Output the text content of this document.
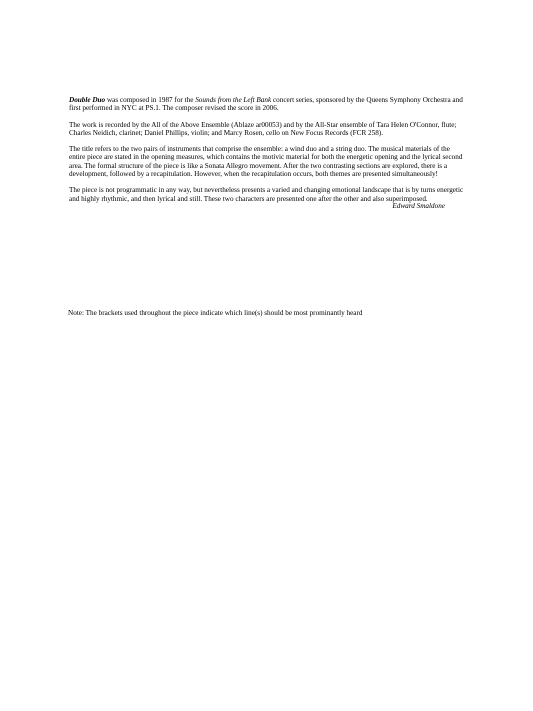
Double Duo was composed in 1987 for the Sounds from the Left Bank concert series, sponsored by the Queens Symphony Orchestra and first performed in NYC at PS.1. The composer revised the score in 2006.

The work is recorded by the All of the Above Ensemble (Ablaze ar00053) and by the All-Star ensemble of Tara Helen O'Connor, flute; Charles Neidich, clarinet; Daniel Phillips, violin; and Marcy Rosen, cello on New Focus Records (FCR 258).

The title refers to the two pairs of instruments that comprise the ensemble: a wind duo and a string duo. The musical materials of the entire piece are stated in the opening measures, which contains the motivic material for both the energetic opening and the lyrical second area. The formal structure of the piece is like a Sonata Allegro movement. After the two contrasting sections are explored, there is a development, followed by a recapitulation. However, when the recapitulation occurs, both themes are presented simultaneously!

The piece is not programmatic in any way, but nevertheless presents a varied and changing emotional landscape that is by turns energetic and highly rhythmic, and then lyrical and still. These two characters are presented one after the other and also superimposed.

Edward Smaldone
Note: The brackets used throughout the piece indicate which line(s) should be most prominantly heard
